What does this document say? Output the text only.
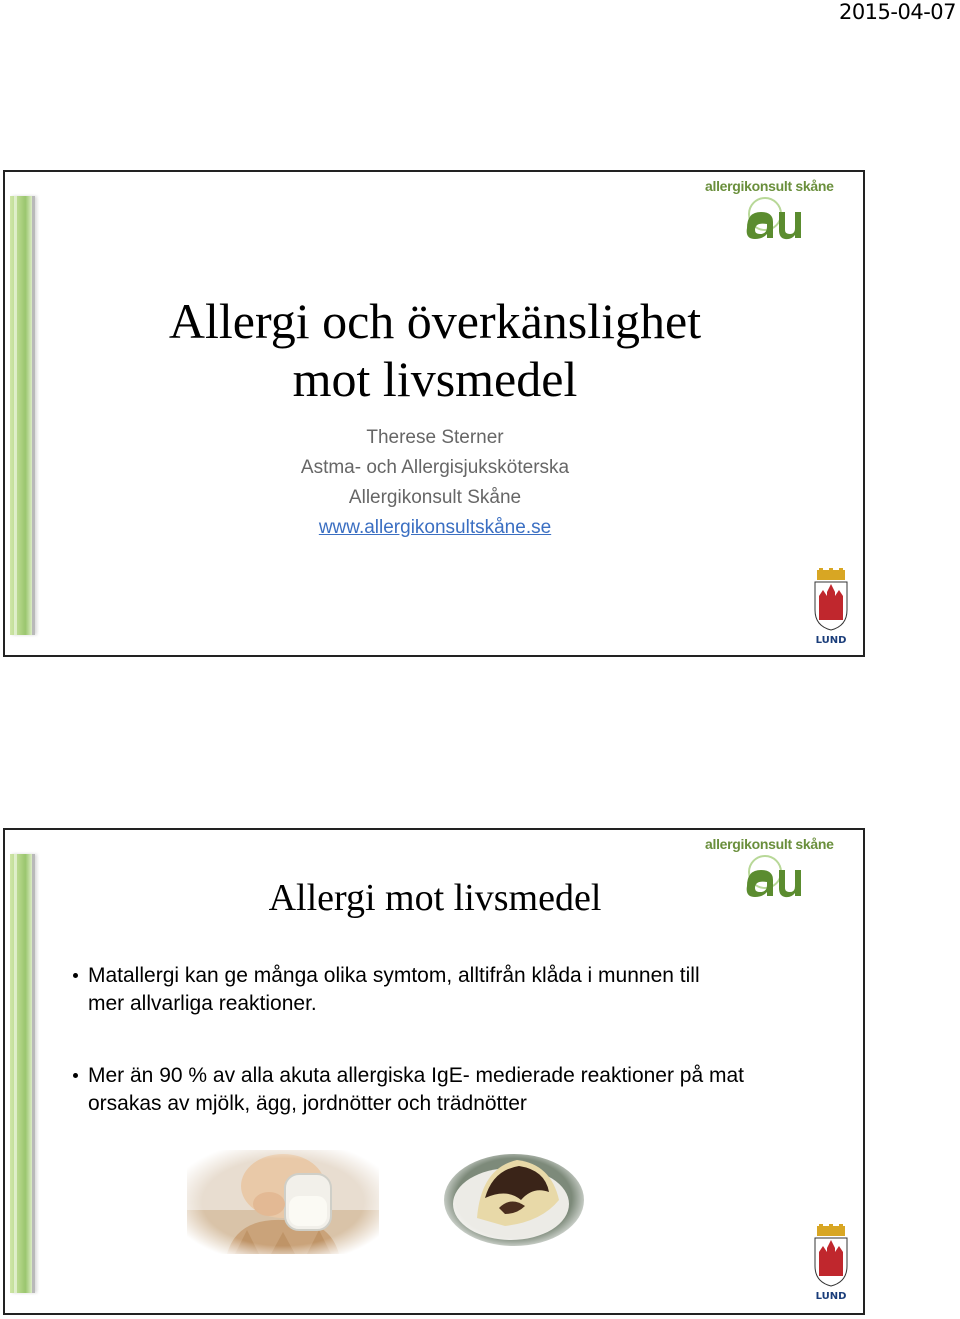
2015-04-07
allergikonsult skåne
Allergi och överkänslighet
mot livsmedel
Therese Sterner
Astma- och Allergisjuksköterska
Allergikonsult Skåne
www.allergikonsultskåne.se
LUND
allergikonsult skåne
Allergi mot livsmedel
Matallergi kan ge många olika symtom, alltifrån klåda i munnen till
mer allvarliga reaktioner.
Mer än 90 % av alla akuta allergiska IgE- medierade reaktioner på mat
orsakas av mjölk, ägg, jordnötter och trädnötter
LUND
